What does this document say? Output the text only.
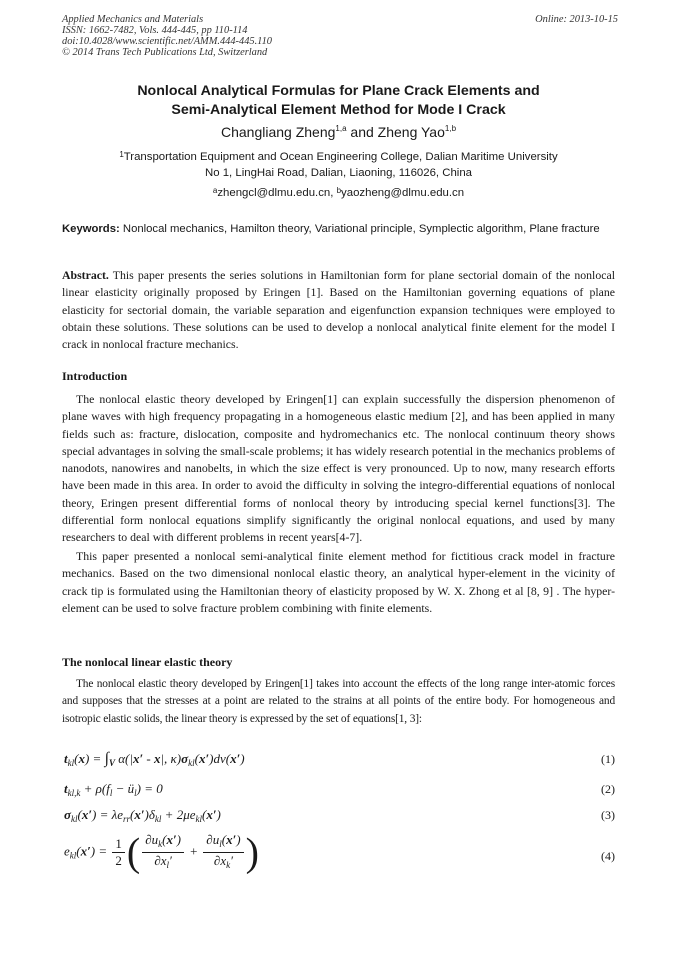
Applied Mechanics and Materials
ISSN: 1662-7482, Vols. 444-445, pp 110-114
doi:10.4028/www.scientific.net/AMM.444-445.110
© 2014 Trans Tech Publications Ltd, Switzerland
Online: 2013-10-15
Nonlocal Analytical Formulas for Plane Crack Elements and
Semi-Analytical Element Method for Mode I Crack
Changliang Zheng$^{1,a}$ and Zheng Yao$^{1,b}$
$^1$Transportation Equipment and Ocean Engineering College, Dalian Maritime University
No 1, LingHai Road, Dalian, Liaoning, 116026, China
$^a$zhengcl@dlmu.edu.cn, $^b$yaozheng@dlmu.edu.cn
Keywords: Nonlocal mechanics, Hamilton theory, Variational principle, Symplectic algorithm, Plane fracture
Abstract. This paper presents the series solutions in Hamiltonian form for plane sectorial domain of the nonlocal linear elasticity originally proposed by Eringen [1]. Based on the Hamiltonian governing equations of plane elasticity for sectorial domain, the variable separation and eigenfunction expansion techniques were employed to obtain these solutions. These solutions can be used to develop a nonlocal analytical finite element for the model I crack in nonlocal fracture mechanics.
Introduction
The nonlocal elastic theory developed by Eringen[1] can explain successfully the dispersion phenomenon of plane waves with high frequency propagating in a homogeneous elastic medium [2], and has been applied in many fields such as: fracture, dislocation, composite and hydromechanics etc. The nonlocal continuum theory shows special advantages in solving the small-scale problems; it has widely research potential in the mechanics problems of nanodots, nanowires and nanobelts, in which the size effect is very pronounced. Up to now, many research efforts have been made in this area. In order to avoid the difficulty in solving the integro-differential equations of nonlocal theory, Eringen present differential forms of nonlocal theory by introducing special kernel functions[3]. The differential form nonlocal equations simplify significantly the original nonlocal equations, and used by many researchers to deal with different problems in recent years[4-7].
This paper presented a nonlocal semi-analytical finite element method for fictitious crack model in fracture mechanics. Based on the two dimensional nonlocal elastic theory, an analytical hyper-element in the vicinity of crack tip is formulated using the Hamiltonian theory of elasticity proposed by W. X. Zhong et al [8, 9] . The hyper-element can be used to solve fracture problem combining with finite elements.
The nonlocal linear elastic theory
The nonlocal elastic theory developed by Eringen[1] takes into account the effects of the long range inter-atomic forces and supposes that the stresses at a point are related to the strains at all points of the entire body. For homogeneous and isotropic elastic solids, the linear theory is expressed by the set of equations[1, 3]:
$t_{kl}(x) = \int_V$ α(|x′ - x|, $\kappa)\sigma_{kl}(x')dv(x')$	(1)
$t_{kl,k} + \rho(f_l$ − $ü_l) = 0$	(2)
$\sigma_{kl}(x') = \lambda e_{rr}(x')\delta_{kl} + 2\mu e_{kl}(x')$	(3)
$e_{kl}(x') = \frac{1}{2}$ ( $\frac{\partial u_k(x')}{\partial x_l'} + \frac{\partial u_l(x')}{\partial x_k'}$ )	(4)
